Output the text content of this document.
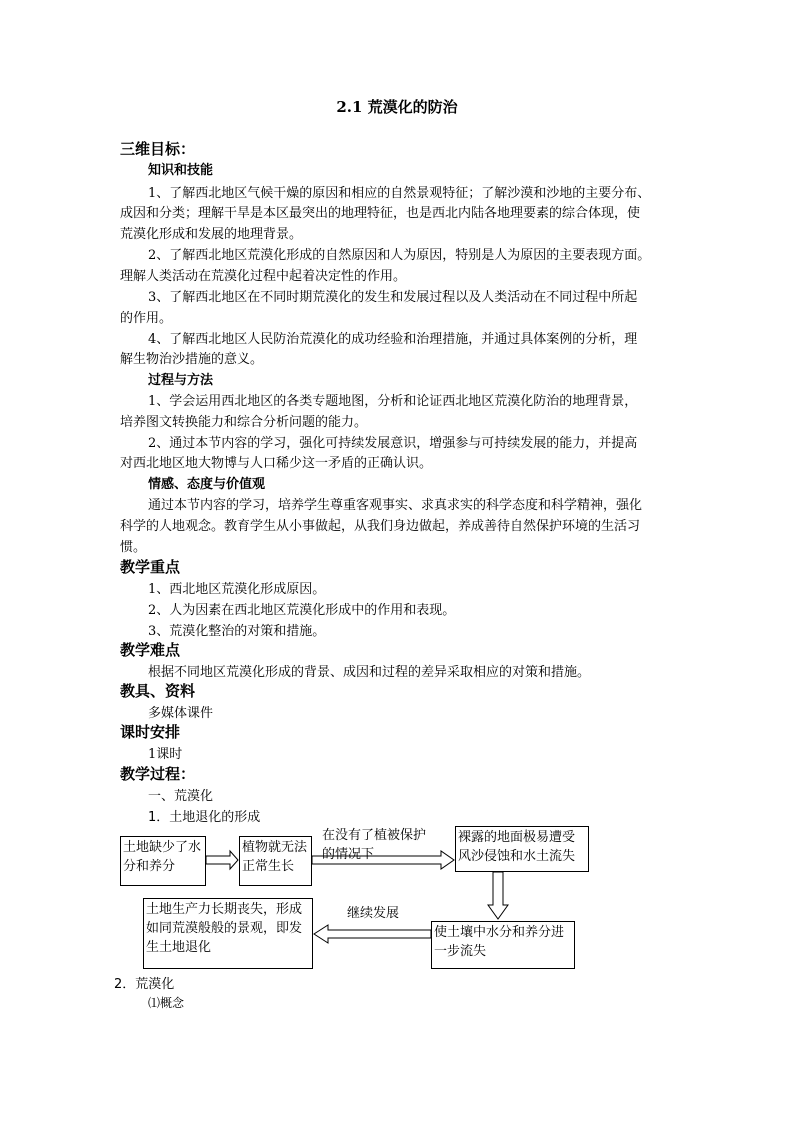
2.1 荒漠化的防治
三维目标：
知识和技能
1、了解西北地区气候干燥的原因和相应的自然景观特征；了解沙漠和沙地的主要分布、
成因和分类；理解干旱是本区最突出的地理特征，也是西北内陆各地理要素的综合体现，使
荒漠化形成和发展的地理背景。
2、了解西北地区荒漠化形成的自然原因和人为原因，特别是人为原因的主要表现方面。
理解人类活动在荒漠化过程中起着决定性的作用。
3、了解西北地区在不同时期荒漠化的发生和发展过程以及人类活动在不同过程中所起
的作用。
4、了解西北地区人民防治荒漠化的成功经验和治理措施，并通过具体案例的分析，理
解生物治沙措施的意义。
过程与方法
1、学会运用西北地区的各类专题地图，分析和论证西北地区荒漠化防治的地理背景，
培养图文转换能力和综合分析问题的能力。
2、通过本节内容的学习，强化可持续发展意识，增强参与可持续发展的能力，并提高
对西北地区地大物博与人口稀少这一矛盾的正确认识。
情感、态度与价值观
通过本节内容的学习，培养学生尊重客观事实、求真求实的科学态度和科学精神，强化
科学的人地观念。教育学生从小事做起，从我们身边做起，养成善待自然保护环境的生活习
惯。
教学重点
1、西北地区荒漠化形成原因。
2、人为因素在西北地区荒漠化形成中的作用和表现。
3、荒漠化整治的对策和措施。
教学难点
根据不同地区荒漠化形成的背景、成因和过程的差异采取相应的对策和措施。
教具、资料
多媒体课件
课时安排
1课时
教学过程：
一、荒漠化
1．土地退化的形成
土地缺少了水分和养分
植物就无法正常生长
在没有了植被保护的情况下
裸露的地面极易遭受风沙侵蚀和水土流失
使土壤中水分和养分进一步流失
继续发展
土地生产力长期丧失，形成如同荒漠般般的景观，即发生土地退化
2．荒漠化
⑴概念
